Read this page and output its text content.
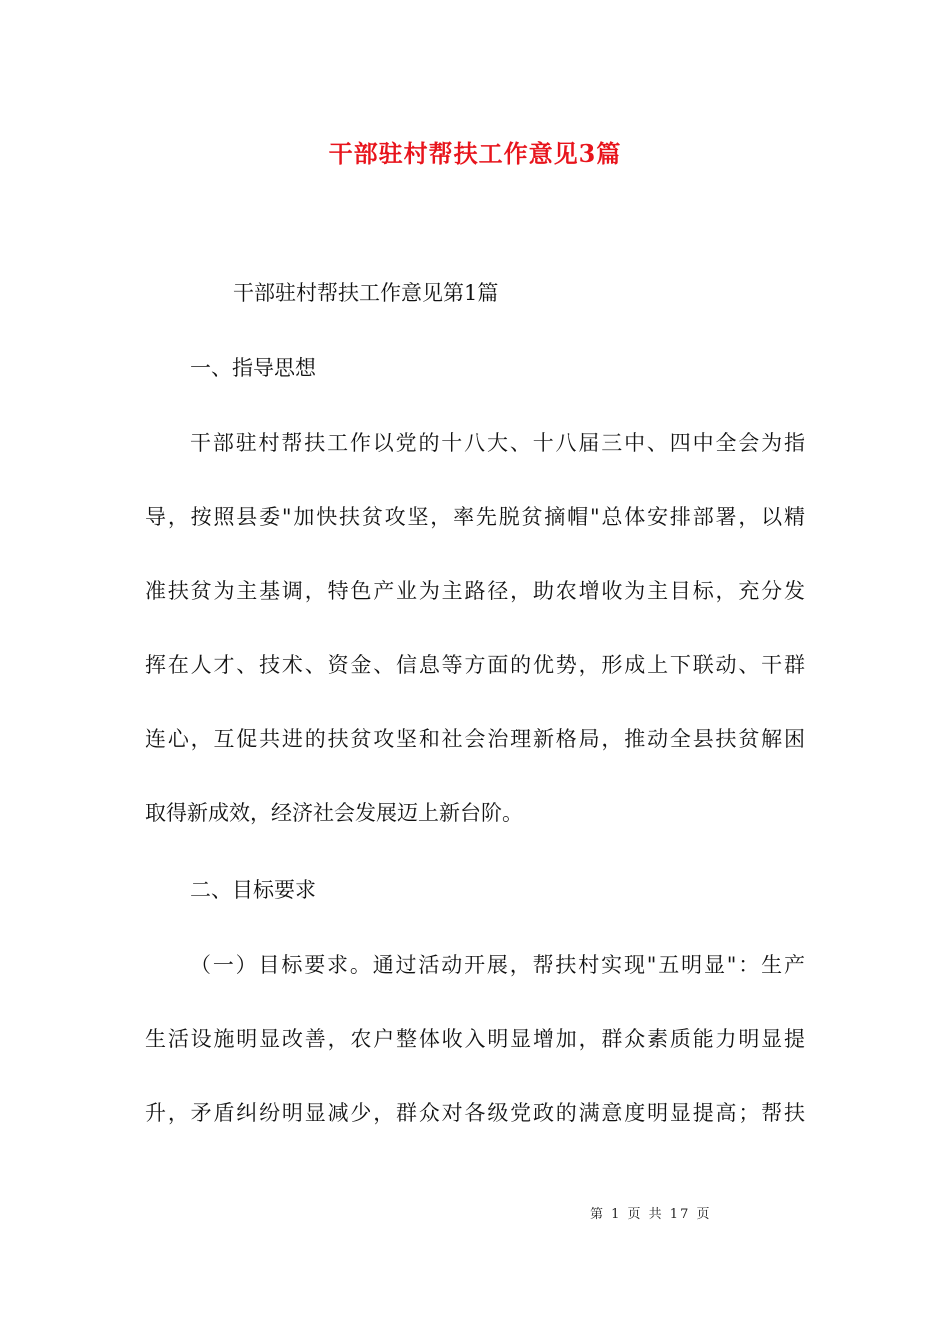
干部驻村帮扶工作意见3篇
干部驻村帮扶工作意见第1篇
一、指导思想
干部驻村帮扶工作以党的十八大、十八届三中、四中全会为指
导，按照县委"加快扶贫攻坚，率先脱贫摘帽"总体安排部署，以精
准扶贫为主基调，特色产业为主路径，助农增收为主目标，充分发
挥在人才、技术、资金、信息等方面的优势，形成上下联动、干群
连心，互促共进的扶贫攻坚和社会治理新格局，推动全县扶贫解困
取得新成效，经济社会发展迈上新台阶。
二、目标要求
（一）目标要求。通过活动开展，帮扶村实现"五明显"：生产
生活设施明显改善，农户整体收入明显增加，群众素质能力明显提
升，矛盾纠纷明显减少，群众对各级党政的满意度明显提高；帮扶
第 1 页 共 17 页
